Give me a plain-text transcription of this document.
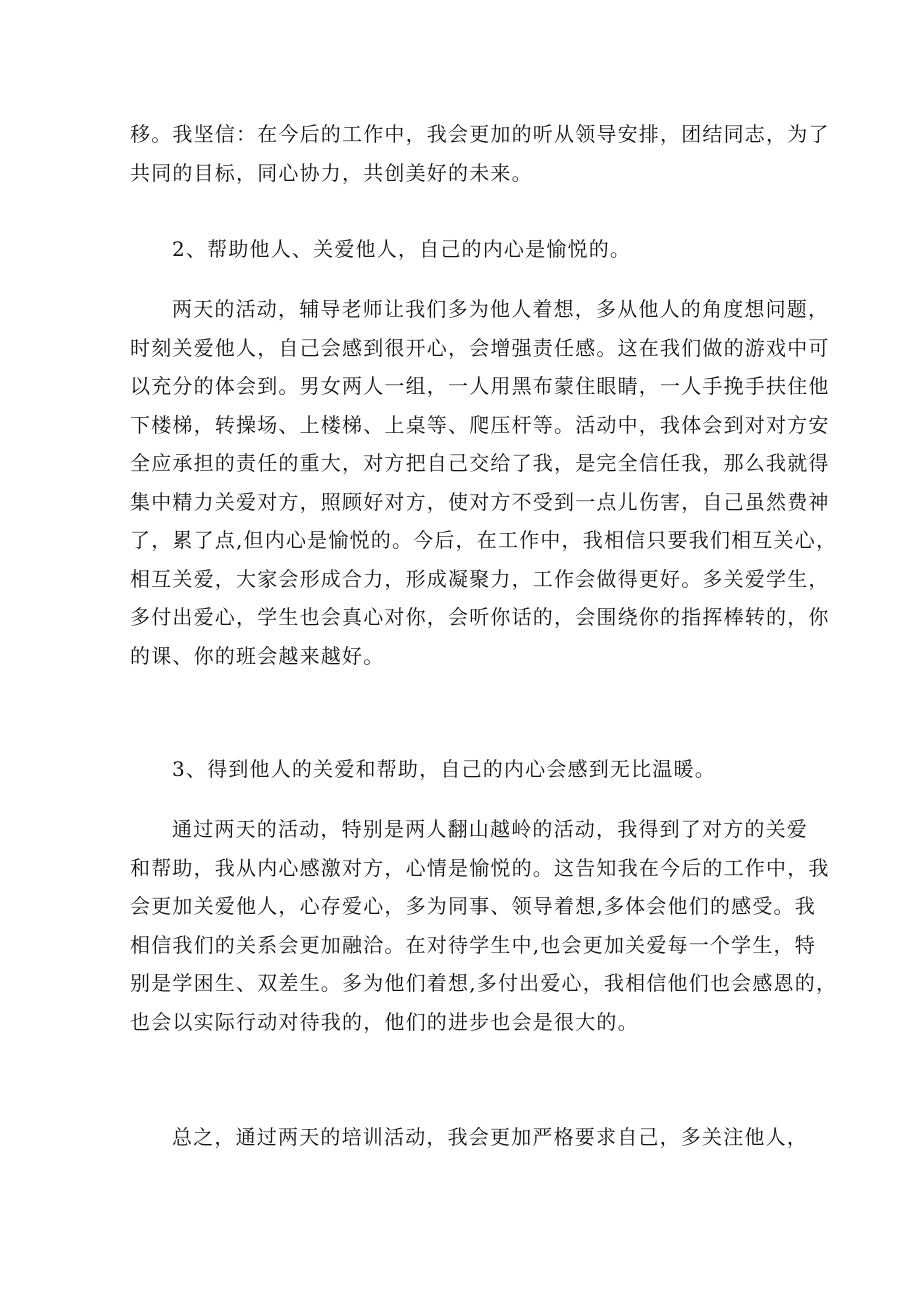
移。我坚信：在今后的工作中，我会更加的听从领导安排，团结同志，为了
共同的目标，同心协力，共创美好的未来。

2、帮助他人、关爱他人，自己的内心是愉悦的。

两天的活动，辅导老师让我们多为他人着想，多从他人的角度想问题，
时刻关爱他人，自己会感到很开心，会增强责任感。这在我们做的游戏中可
以充分的体会到。男女两人一组，一人用黑布蒙住眼睛，一人手挽手扶住他
下楼梯，转操场、上楼梯、上桌等、爬压杆等。活动中，我体会到对对方安
全应承担的责任的重大，对方把自己交给了我，是完全信任我，那么我就得
集中精力关爱对方，照顾好对方，使对方不受到一点儿伤害，自己虽然费神
了，累了点,但内心是愉悦的。今后，在工作中，我相信只要我们相互关心，
相互关爱，大家会形成合力，形成凝聚力，工作会做得更好。多关爱学生，
多付出爱心，学生也会真心对你，会听你话的，会围绕你的指挥棒转的，你
的课、你的班会越来越好。

3、得到他人的关爱和帮助，自己的内心会感到无比温暖。

通过两天的活动，特别是两人翻山越岭的活动，我得到了对方的关爱
和帮助，我从内心感激对方，心情是愉悦的。这告知我在今后的工作中，我
会更加关爱他人，心存爱心，多为同事、领导着想,多体会他们的感受。我
相信我们的关系会更加融洽。在对待学生中,也会更加关爱每一个学生，特
别是学困生、双差生。多为他们着想,多付出爱心，我相信他们也会感恩的，
也会以实际行动对待我的，他们的进步也会是很大的。

总之，通过两天的培训活动，我会更加严格要求自己，多关注他人，
